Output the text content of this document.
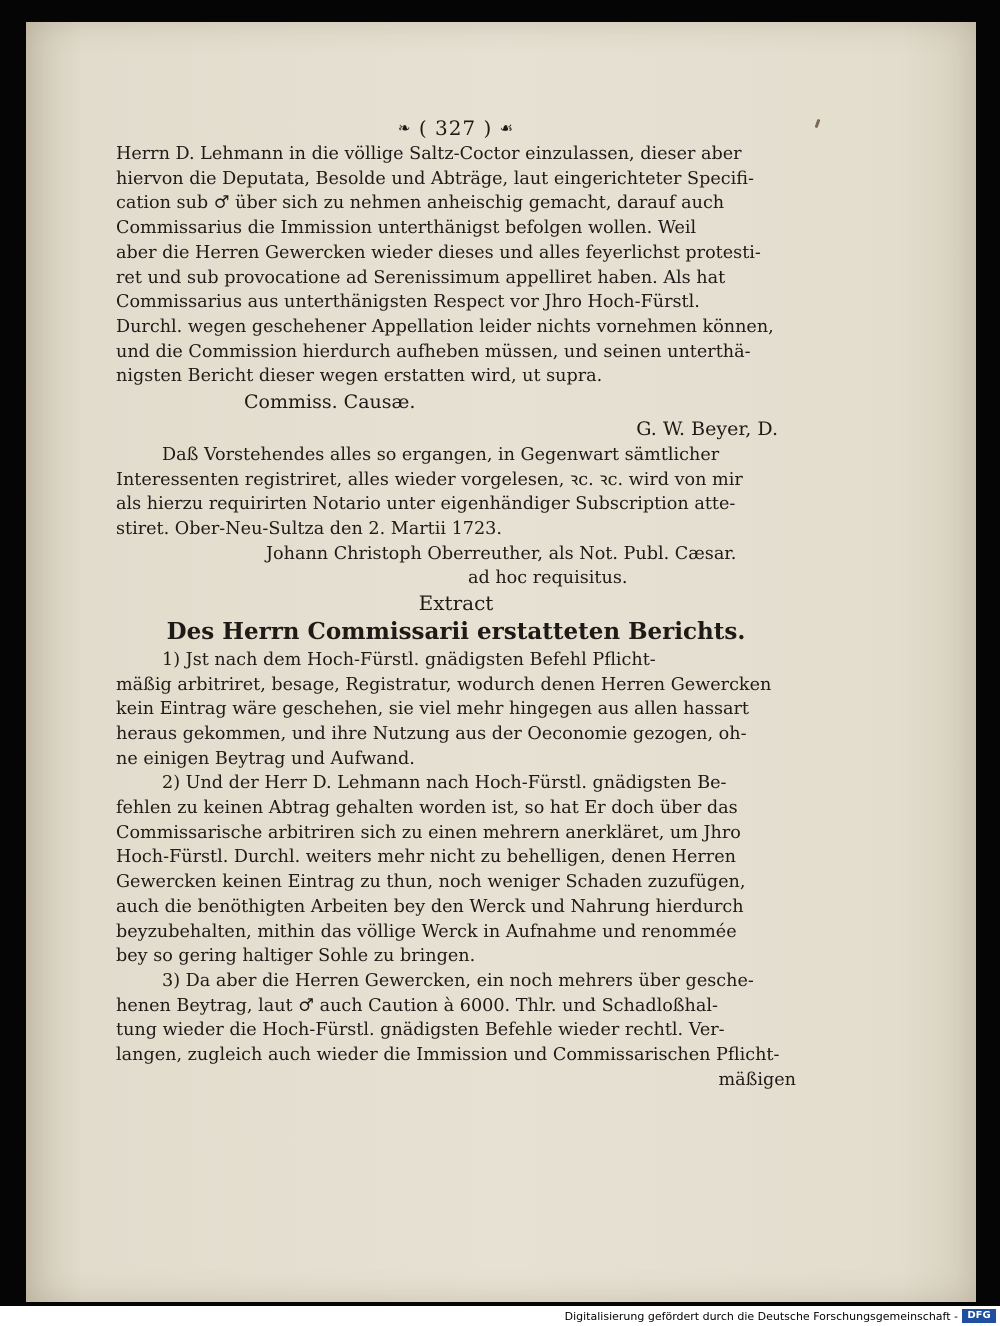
❧ ( 327 ) ☙

Herrn D. Lehmann in die völlige Saltz-Coctor einzulassen, dieser aber
hiervon die Deputata, Besolde und Abträge, laut eingerichteter Specifi-
cation sub ♂ über sich zu nehmen anheischig gemacht, darauf auch
Commissarius die Immission unterthänigst befolgen wollen. Weil
aber die Herren Gewercken wieder dieses und alles feyerlichst protesti-
ret und sub provocatione ad Serenissimum appelliret haben. Als hat
Commissarius aus unterthänigsten Respect vor Jhro Hoch-Fürstl.
Durchl. wegen geschehener Appellation leider nichts vornehmen können,
und die Commission hierdurch aufheben müssen, und seinen unterthä-
nigsten Bericht dieser wegen erstatten wird, ut supra.

Commiss. Causæ.
G. W. Beyer, D.

Daß Vorstehendes alles so ergangen, in Gegenwart sämtlicher
Interessenten registriret, alles wieder vorgelesen, ꝛc. ꝛc. wird von mir
als hierzu requirirten Notario unter eigenhändiger Subscription atte-
stiret. Ober-Neu-Sultza den 2. Martii 1723.

Johann Christoph Oberreuther, als Not. Publ. Cæsar.
ad hoc requisitus.
Extract
Des Herrn Commissarii erstatteten Berichts.

1) Jst nach dem Hoch-Fürstl. gnädigsten Befehl Pflicht-
mäßig arbitriret, besage, Registratur, wodurch denen Herren Gewercken
kein Eintrag wäre geschehen, sie viel mehr hingegen aus allen hassart
heraus gekommen, und ihre Nutzung aus der Oeconomie gezogen, oh-
ne einigen Beytrag und Aufwand.

2) Und der Herr D. Lehmann nach Hoch-Fürstl. gnädigsten Be-
fehlen zu keinen Abtrag gehalten worden ist, so hat Er doch über das
Commissarische arbitriren sich zu einen mehrern anerkläret, um Jhro
Hoch-Fürstl. Durchl. weiters mehr nicht zu behelligen, denen Herren
Gewercken keinen Eintrag zu thun, noch weniger Schaden zuzufügen,
auch die benöthigten Arbeiten bey den Werck und Nahrung hierdurch
beyzubehalten, mithin das völlige Werck in Aufnahme und renommée
bey so gering haltiger Sohle zu bringen.

3) Da aber die Herren Gewercken, ein noch mehrers über gesche-
henen Beytrag, laut ♂ auch Caution à 6000. Thlr. und Schadloßhal-
tung wieder die Hoch-Fürstl. gnädigsten Befehle wieder rechtl. Ver-
langen, zugleich auch wieder die Immission und Commissarischen Pflicht-

mäßigen
Digitalisierung gefördert durch die Deutsche Forschungsgemeinschaft - DFG
